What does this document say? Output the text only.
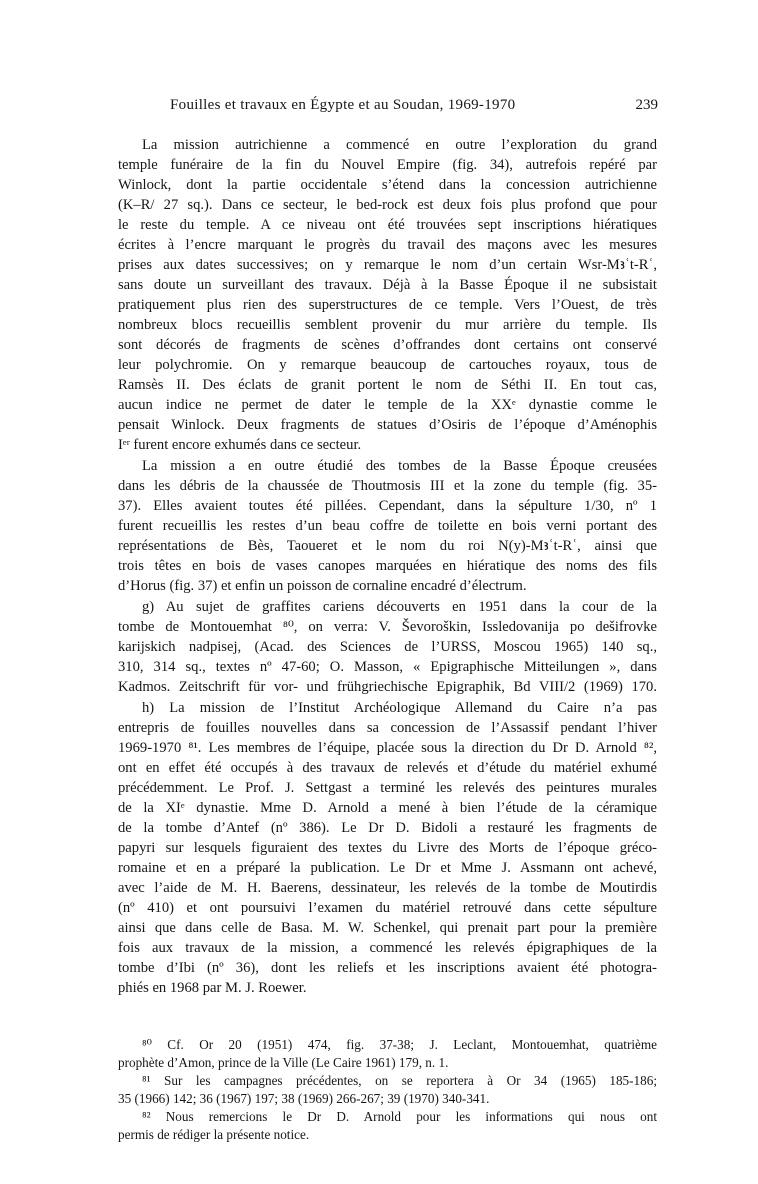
Fouilles et travaux en Égypte et au Soudan, 1969-1970	239
La mission autrichienne a commencé en outre l’exploration du grand
temple funéraire de la fin du Nouvel Empire (fig. 34), autrefois repéré par
Winlock, dont la partie occidentale s’étend dans la concession autrichienne
(K–R/ 27 sq.). Dans ce secteur, le bed-rock est deux fois plus profond que pour
le reste du temple. A ce niveau ont été trouvées sept inscriptions hiératiques
écrites à l’encre marquant le progrès du travail des maçons avec les mesures
prises aux dates successives; on y remarque le nom d’un certain Wsr-Mꜣʿt-Rʿ,
sans doute un surveillant des travaux. Déjà à la Basse Époque il ne subsistait
pratiquement plus rien des superstructures de ce temple. Vers l’Ouest, de très
nombreux blocs recueillis semblent provenir du mur arrière du temple. Ils
sont décorés de fragments de scènes d’offrandes dont certains ont conservé
leur polychromie. On y remarque beaucoup de cartouches royaux, tous de
Ramsès II. Des éclats de granit portent le nom de Séthi II. En tout cas,
aucun indice ne permet de dater le temple de la XXᵉ dynastie comme le
pensait Winlock. Deux fragments de statues d’Osiris de l’époque d’Aménophis
Iᵉʳ furent encore exhumés dans ce secteur.
La mission a en outre étudié des tombes de la Basse Époque creusées
dans les débris de la chaussée de Thoutmosis III et la zone du temple (fig. 35-
37). Elles avaient toutes été pillées. Cependant, dans la sépulture 1/30, nº 1
furent recueillis les restes d’un beau coffre de toilette en bois verni portant des
représentations de Bès, Taoueret et le nom du roi N(y)-Mꜣʿt-Rʿ, ainsi que
trois têtes en bois de vases canopes marquées en hiératique des noms des fils
d’Horus (fig. 37) et enfin un poisson de cornaline encadré d’électrum.
g) Au sujet de graffites cariens découverts en 1951 dans la cour de la
tombe de Montouemhat ⁸⁰, on verra: V. Ševoroškin, Issledovanija po dešifrovke
karijskich nadpisej, (Acad. des Sciences de l’URSS, Moscou 1965) 140 sq.,
310, 314 sq., textes nº 47-60; O. Masson, « Epigraphische Mitteilungen », dans
Kadmos. Zeitschrift für vor- und frühgriechische Epigraphik, Bd VIII/2 (1969) 170.
h) La mission de l’Institut Archéologique Allemand du Caire n’a pas
entrepris de fouilles nouvelles dans sa concession de l’Assassif pendant l’hiver
1969-1970 ⁸¹. Les membres de l’équipe, placée sous la direction du Dr D. Arnold ⁸²,
ont en effet été occupés à des travaux de relevés et d’étude du matériel exhumé
précédemment. Le Prof. J. Settgast a terminé les relevés des peintures murales
de la XIᵉ dynastie. Mme D. Arnold a mené à bien l’étude de la céramique
de la tombe d’Antef (nº 386). Le Dr D. Bidoli a restauré les fragments de
papyri sur lesquels figuraient des textes du Livre des Morts de l’époque gréco-
romaine et en a préparé la publication. Le Dr et Mme J. Assmann ont achevé,
avec l’aide de M. H. Baerens, dessinateur, les relevés de la tombe de Moutirdis
(nº 410) et ont poursuivi l’examen du matériel retrouvé dans cette sépulture
ainsi que dans celle de Basa. M. W. Schenkel, qui prenait part pour la première
fois aux travaux de la mission, a commencé les relevés épigraphiques de la
tombe d’Ibi (nº 36), dont les reliefs et les inscriptions avaient été photogra-
phiés en 1968 par M. J. Roewer.
⁸⁰ Cf. Or 20 (1951) 474, fig. 37-38; J. Leclant, Montouemhat, quatrième
prophète d’Amon, prince de la Ville (Le Caire 1961) 179, n. 1.
⁸¹ Sur les campagnes précédentes, on se reportera à Or 34 (1965) 185-186;
35 (1966) 142; 36 (1967) 197; 38 (1969) 266-267; 39 (1970) 340-341.
⁸² Nous remercions le Dr D. Arnold pour les informations qui nous ont
permis de rédiger la présente notice.
